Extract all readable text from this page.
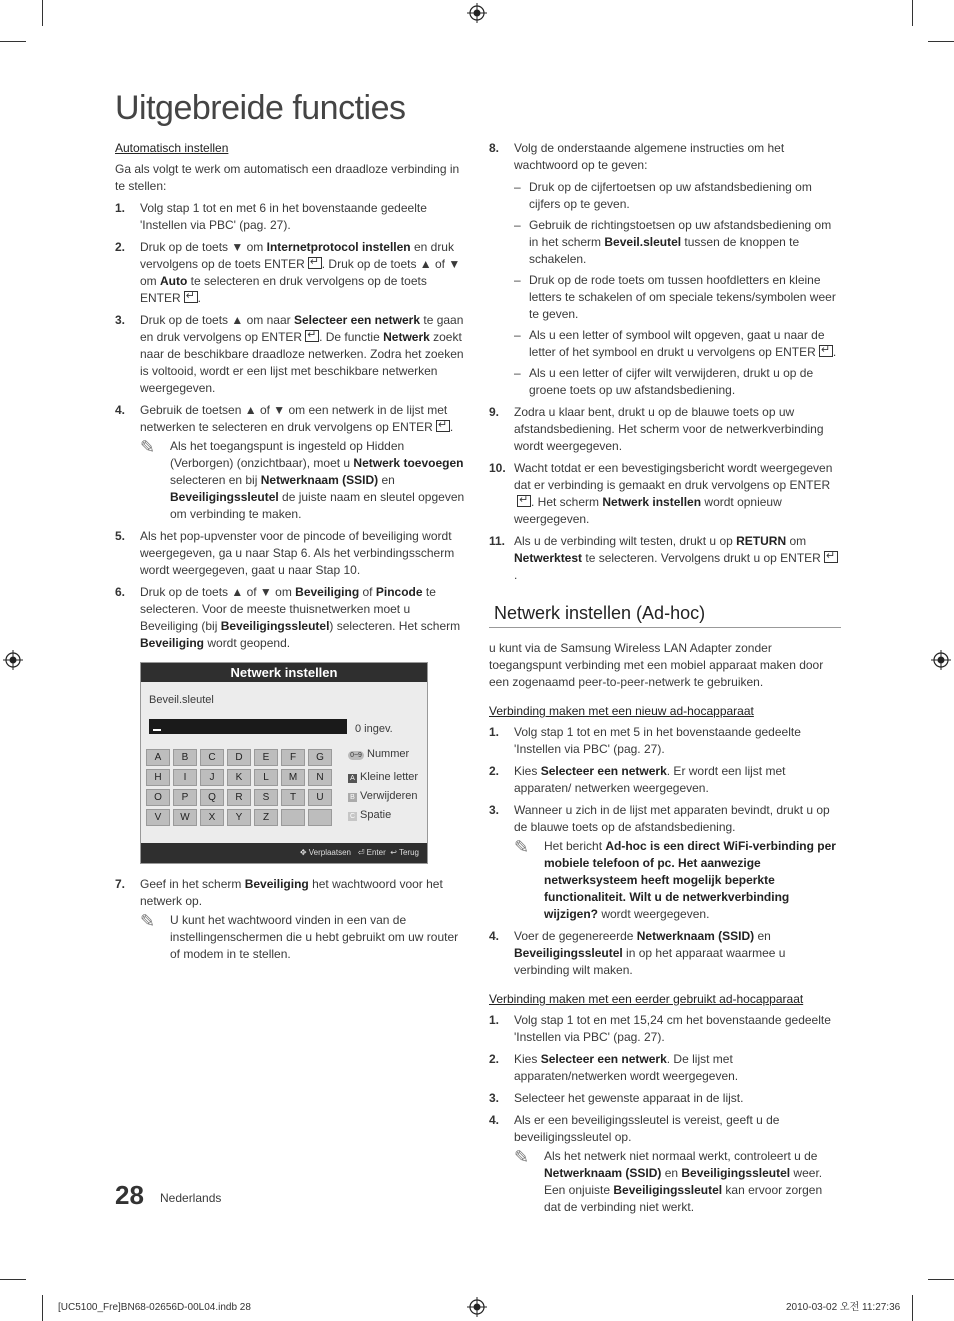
Uitgebreide functies
Automatisch instellen

Ga als volgt te werk om automatisch een draadloze verbinding in te stellen:

1. Volg stap 1 tot en met 6 in het bovenstaande gedeelte 'Instellen via PBC' (pag. 27).
2. Druk op de toets ▼ om Internetprotocol instellen en druk vervolgens op de toets ENTER ↵ . Druk op de toets ▲ of ▼ om Auto te selecteren en druk vervolgens op de toets ENTER ↵ .
3. Druk op de toets ▲ om naar Selecteer een netwerk te gaan en druk vervolgens op ENTER ↵ . De functie Netwerk zoekt naar de beschikbare draadloze netwerken. Zodra het zoeken is voltooid, wordt er een lijst met beschikbare netwerken weergegeven.
4. Gebruik de toetsen ▲ of ▼ om een netwerk in de lijst met netwerken te selecteren en druk vervolgens op ENTER ↵ .
✎ Als het toegangspunt is ingesteld op Hidden (Verborgen) (onzichtbaar), moet u Netwerk toevoegen selecteren en bij Netwerknaam (SSID) en Beveiligingssleutel de juiste naam en sleutel opgeven om verbinding te maken.
5. Als het pop-upvenster voor de pincode of beveiliging wordt weergegeven, ga u naar Stap 6. Als het verbindingsscherm wordt weergegeven, gaat u naar Stap 10.
6. Druk op de toets ▲ of ▼ om Beveiliging of Pincode te selecteren. Voor de meeste thuisnetwerken moet u Beveiliging (bij Beveiligingssleutel) selecteren. Het scherm Beveiliging wordt geopend.
Netwerk instellen
Beveil.sleutel
0 ingev.
A	B	C	D	E	F	G
H	I	J	K	L	M	N
O	P	Q	R	S	T	U
V	W	X	Y	Z
0~9 Nummer
A Kleine letter
B Verwijderen
C Spatie
✥ Verplaatsen ⏎ Enter ↩ Terug
7. Geef in het scherm Beveiliging het wachtwoord voor het netwerk op.
✎ U kunt het wachtwoord vinden in een van de instellingenschermen die u hebt gebruikt om uw router of modem in te stellen.
8. Volg de onderstaande algemene instructies om het wachtwoord op te geven:
– Druk op de cijfertoetsen op uw afstandsbediening om cijfers op te geven.
– Gebruik de richtingstoetsen op uw afstandsbediening om in het scherm Beveil.sleutel tussen de knoppen te schakelen.
– Druk op de rode toets om tussen hoofdletters en kleine letters te schakelen of om speciale tekens/symbolen weer te geven.
– Als u een letter of symbool wilt opgeven, gaat u naar de letter of het symbool en drukt u vervolgens op ENTER↵ .
– Als u een letter of cijfer wilt verwijderen, drukt u op de groene toets op uw afstandsbediening.
9. Zodra u klaar bent, drukt u op de blauwe toets op uw afstandsbediening. Het scherm voor de netwerkverbinding wordt weergegeven.
10. Wacht totdat er een bevestigingsbericht wordt weergegeven dat er verbinding is gemaakt en druk vervolgens op ENTER↵. Het scherm Netwerk instellen wordt opnieuw weergegeven.
11. Als u de verbinding wilt testen, drukt u op RETURN om Netwerktest te selecteren. Vervolgens drukt u op ENTER↵.
Netwerk instellen (Ad-hoc)

u kunt via de Samsung Wireless LAN Adapter zonder toegangspunt verbinding met een mobiel apparaat maken door een zogenaamd peer-to-peer-netwerk te gebruiken.

Verbinding maken met een nieuw ad-hocapparaat
1. Volg stap 1 tot en met 5 in het bovenstaande gedeelte 'Instellen via PBC' (pag. 27).
2. Kies Selecteer een netwerk. Er wordt een lijst met apparaten/ netwerken weergegeven.
3. Wanneer u zich in de lijst met apparaten bevindt, drukt u op de blauwe toets op de afstandsbediening.
✎ Het bericht Ad-hoc is een direct WiFi-verbinding per mobiele telefoon of pc. Het aanwezige netwerksysteem heeft mogelijk beperkte functionaliteit. Wilt u de netwerkverbinding wijzigen? wordt weergegeven.
4. Voer de gegenereerde Netwerknaam (SSID) en Beveiligingssleutel in op het apparaat waarmee u verbinding wilt maken.
Verbinding maken met een eerder gebruikt ad-hocapparaat
1. Volg stap 1 tot en met 15,24 cm het bovenstaande gedeelte 'Instellen via PBC' (pag. 27).
2. Kies Selecteer een netwerk. De lijst met apparaten/netwerken wordt weergegeven.
3. Selecteer het gewenste apparaat in de lijst.
4. Als er een beveiligingssleutel is vereist, geeft u de beveiligingssleutel op.
✎ Als het netwerk niet normaal werkt, controleert u de Netwerknaam (SSID) en Beveiligingssleutel weer. Een onjuiste Beveiligingssleutel kan ervoor zorgen dat de verbinding niet werkt.
28 Nederlands
[UC5100_Fre]BN68-02656D-00L04.indb 28	2010-03-02 오전 11:27:36
